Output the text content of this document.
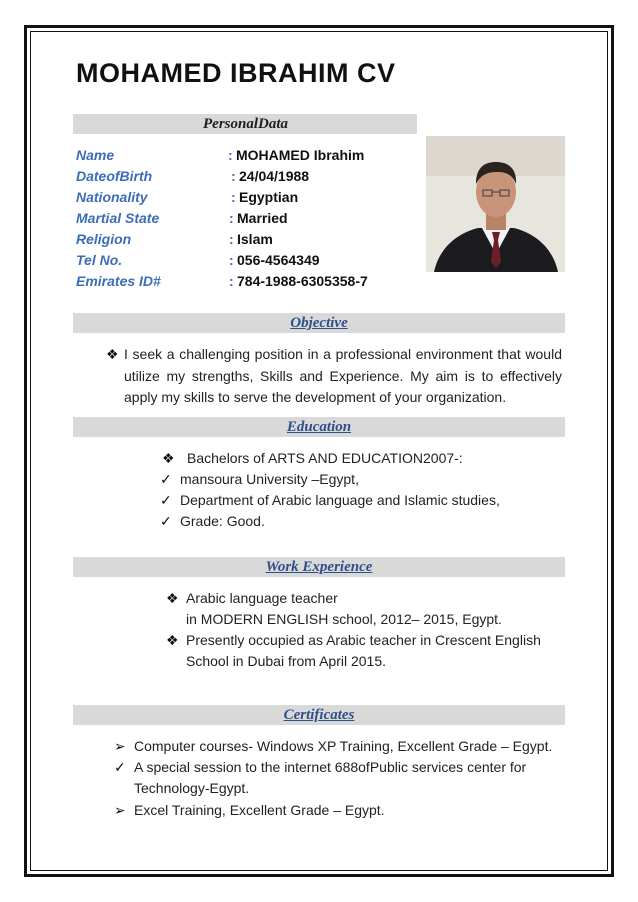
MOHAMED IBRAHIM CV
PersonalData
Name	: MOHAMED Ibrahim
DateofBirth	: 24/04/1988
Nationality	: Egyptian
Martial State	: Married
Religion	: Islam
Tel No.	: 056-4564349
Emirates ID#	: 784-1988-6305358-7
Objective
❖ I seek a challenging position in a professional environment that would utilize my strengths, Skills and Experience. My aim is to effectively apply my skills to serve the development of your organization.

Education
❖ Bachelors of ARTS AND EDUCATION2007-:
✓ mansoura University –Egypt,
✓ Department of Arabic language and Islamic studies,
✓ Grade: Good.
Work Experience
❖ Arabic language teacher
in MODERN ENGLISH school, 2012– 2015, Egypt.
❖ Presently occupied as Arabic teacher in Crescent English
School in Dubai from April 2015.
Certificates
➢ Computer courses- Windows XP Training, Excellent Grade – Egypt.
✓ A special session to the internet 688ofPublic services center for
Technology-Egypt.
➢ Excel Training, Excellent Grade – Egypt.
